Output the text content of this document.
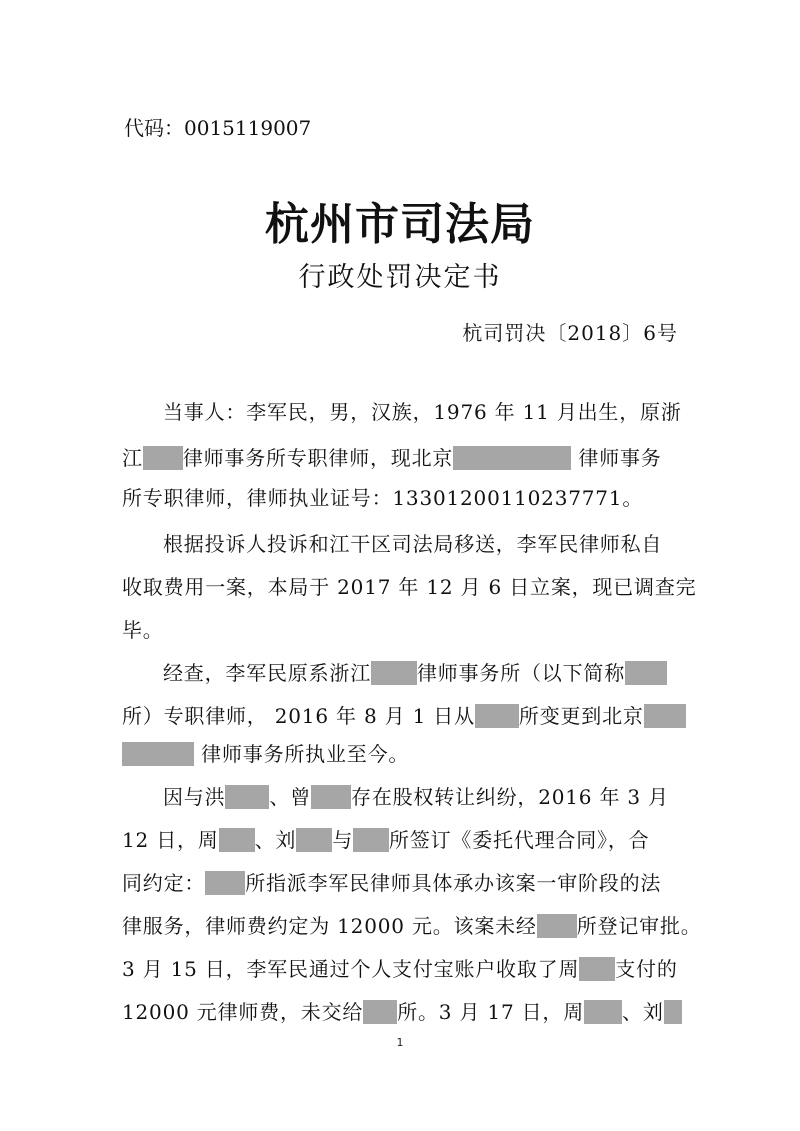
代码：0015119007
杭州市司法局
行政处罚决定书
杭司罚决〔2018〕6号
当事人：李军民，男，汉族，1976 年 11 月出生，原浙
江 律师事务所专职律师，现北京	律师事务
所专职律师，律师执业证号：13301200110237771。
根据投诉人投诉和江干区司法局移送，李军民律师私自
收取费用一案，本局于 2017 年 12 月 6 日立案，现已调查完
毕。
经查，李军民原系浙江 律师事务所（以下简称
所）专职律师， 2016 年 8 月 1 日从 所变更到北京
律师事务所执业至今。
因与洪 、曾 存在股权转让纠纷，2016 年 3 月
12 日，周 、刘 与 所签订《委托代理合同》，合
同约定： 所指派李军民律师具体承办该案一审阶段的法
律服务，律师费约定为 12000 元。该案未经 所登记审批。
3 月 15 日，李军民通过个人支付宝账户收取了周 支付的
12000 元律师费，未交给 所。3 月 17 日，周 、刘
1
